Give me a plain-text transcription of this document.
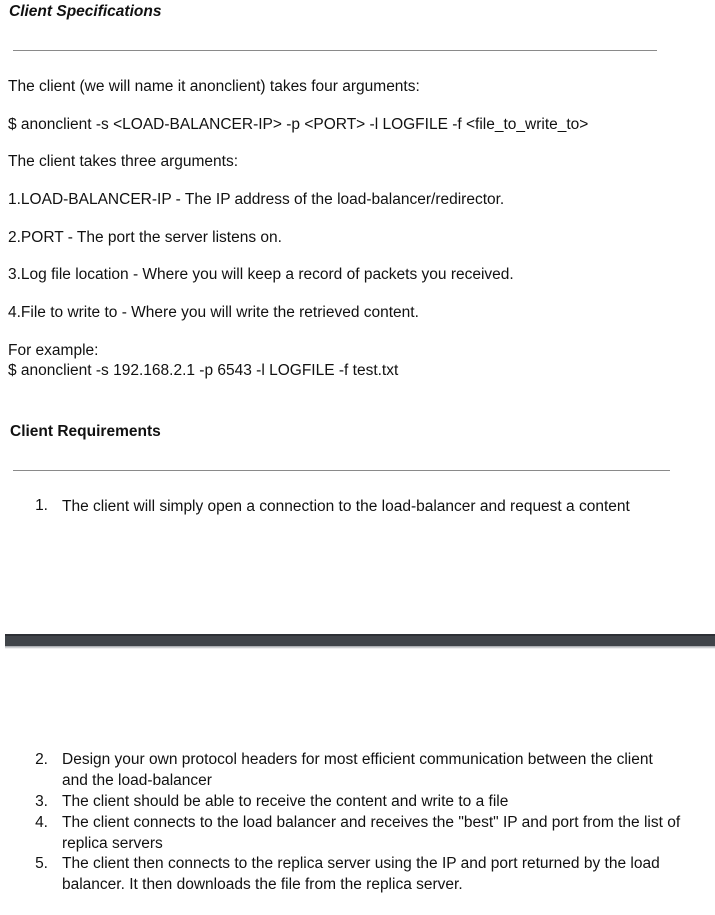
Client Specifications
The client (we will name it anonclient) takes four arguments:
$ anonclient -s <LOAD-BALANCER-IP> -p <PORT> -l LOGFILE -f <file_to_write_to>
The client takes three arguments:
1.LOAD-BALANCER-IP - The IP address of the load-balancer/redirector.
2.PORT - The port the server listens on.
3.Log file location - Where you will keep a record of packets you received.
4.File to write to - Where you will write the retrieved content.
For example:
$ anonclient -s 192.168.2.1 -p 6543 -l LOGFILE -f test.txt
Client Requirements
1. The client will simply open a connection to the load-balancer and request a content
2. Design your own protocol headers for most efficient communication between the client and the load-balancer
3. The client should be able to receive the content and write to a file
4. The client connects to the load balancer and receives the "best" IP and port from the list of replica servers
5. The client then connects to the replica server using the IP and port returned by the load balancer. It then downloads the file from the replica server.
